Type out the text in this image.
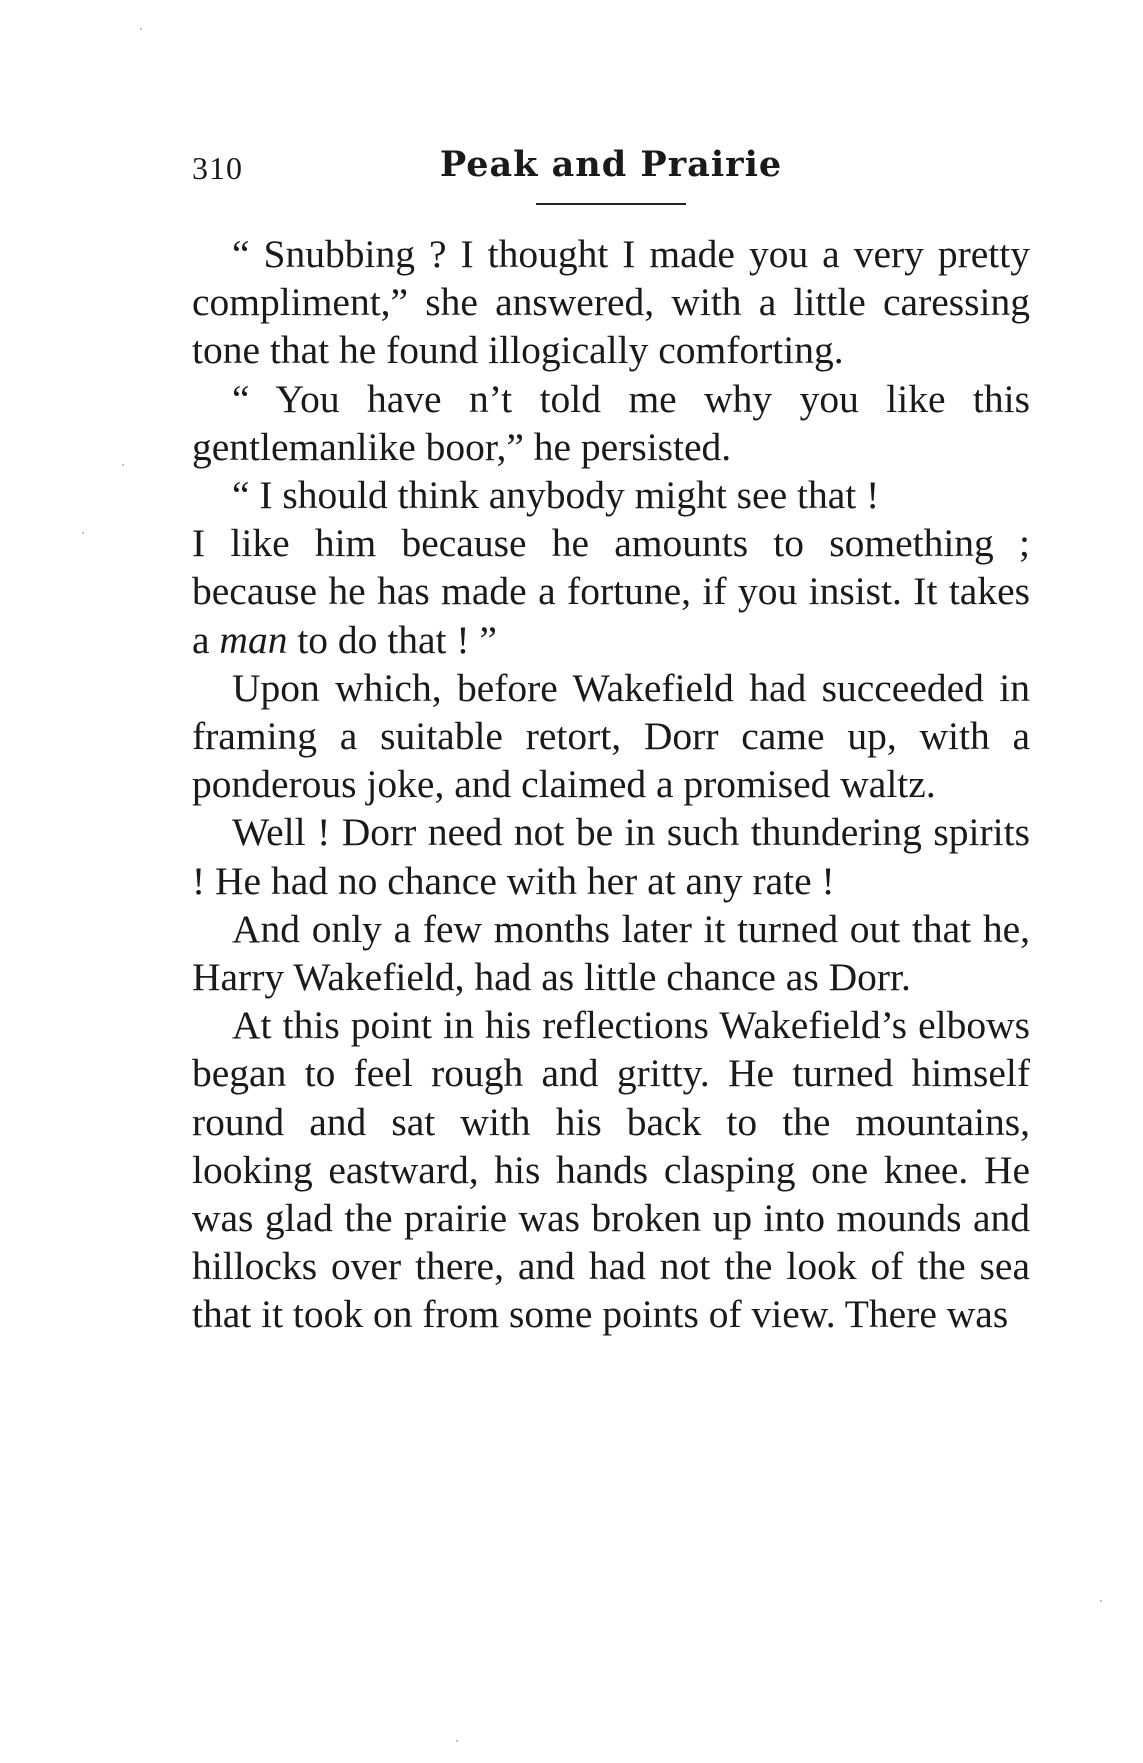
310	Peak and Prairie

“ Snubbing ? I thought I made you a very pretty compliment,” she answered, with a little caressing tone that he found illogically comforting.

“ You have n’t told me why you like this gentlemanlike boor,” he persisted.

“ I should think anybody might see that !

I like him because he amounts to something ; because he has made a fortune, if you insist. It takes a man to do that ! ”

Upon which, before Wakefield had succeeded in framing a suitable retort, Dorr came up, with a ponderous joke, and claimed a promised waltz.

Well ! Dorr need not be in such thundering spirits ! He had no chance with her at any rate !

And only a few months later it turned out that he, Harry Wakefield, had as little chance as Dorr.

At this point in his reflections Wakefield’s elbows began to feel rough and gritty. He turned himself round and sat with his back to the mountains, looking eastward, his hands clasping one knee. He was glad the prairie was broken up into mounds and hillocks over there, and had not the look of the sea that it took on from some points of view. There was
